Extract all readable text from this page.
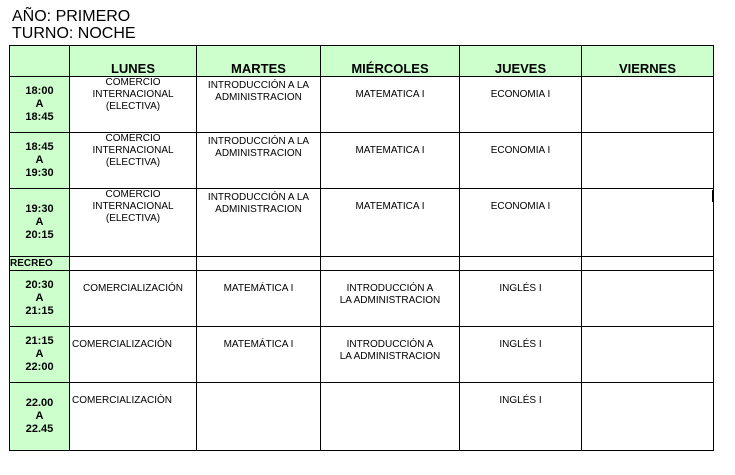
AÑO: PRIMERO
TURNO: NOCHE
	LUNES	MARTES	MIÉRCOLES	JUEVES	VIERNES
18:00
A
18:45	COMERCIO
INTERNACIONAL
(ELECTIVA)	INTRODUCCIÓN A LA
ADMINISTRACION	MATEMATICA I	ECONOMIA I	
18:45
A
19:30	COMERCIO
INTERNACIONAL
(ELECTIVA)	INTRODUCCIÓN A LA
ADMINISTRACION	MATEMATICA I	ECONOMIA I	
19:30
A
20:15	COMERCIO
INTERNACIONAL
(ELECTIVA)	INTRODUCCIÓN A LA
ADMINISTRACION	MATEMATICA I	ECONOMIA I	
RECREO					
20:30
A
21:15	COMERCIALIZACIÓN	MATEMÁTICA I	INTRODUCCIÓN A
LA ADMINISTRACION	INGLÉS I	
21:15
A
22:00	COMERCIALIZACIÒN	MATEMÁTICA I	INTRODUCCIÓN A
LA ADMINISTRACION	INGLÉS I	
22.00
A
22.45	COMERCIALIZACIÒN			INGLÉS I	
